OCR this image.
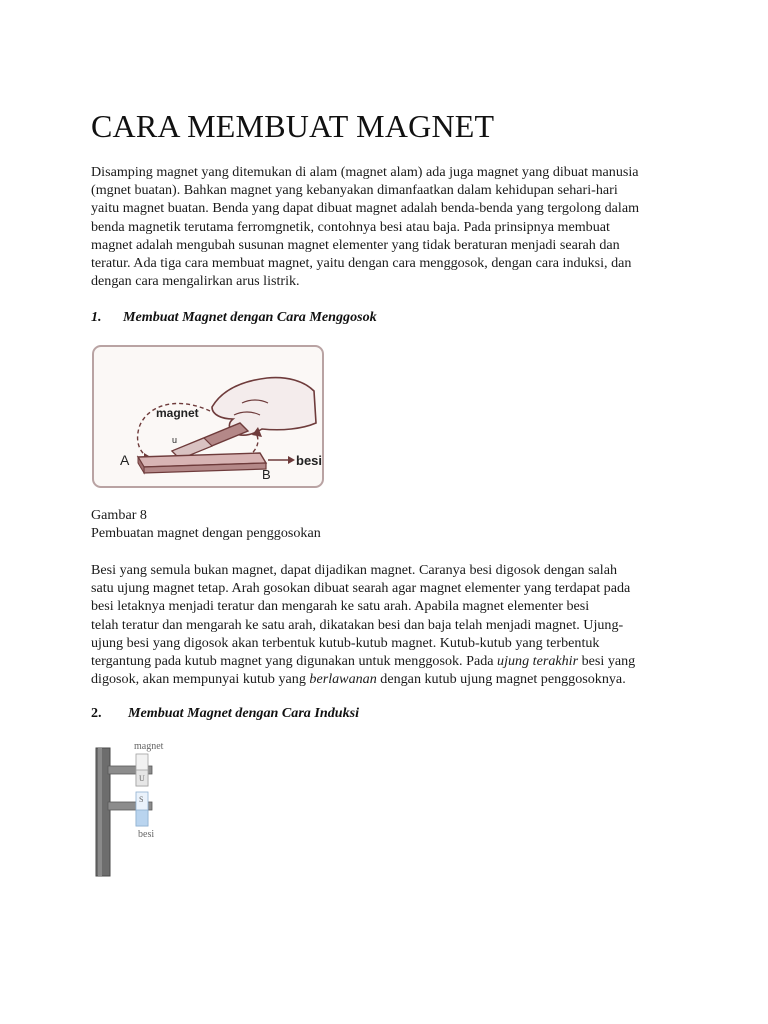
CARA MEMBUAT MAGNET

Disamping magnet yang ditemukan di alam (magnet alam) ada juga magnet yang dibuat manusia
(mgnet buatan). Bahkan magnet yang kebanyakan dimanfaatkan dalam kehidupan sehari-hari
yaitu magnet buatan. Benda yang dapat dibuat magnet adalah benda-benda yang tergolong dalam
benda magnetik terutama ferromgnetik, contohnya besi atau baja. Pada prinsipnya membuat
magnet adalah mengubah susunan magnet elementer yang tidak beraturan menjadi searah dan
teratur. Ada tiga cara membuat magnet, yaitu dengan cara menggosok, dengan cara induksi, dan
dengan cara mengalirkan arus listrik.

1. Membuat Magnet dengan Cara Menggosok
magnet
u
A
B
besi

Gambar 8
Pembuatan magnet dengan penggosokan

Besi yang semula bukan magnet, dapat dijadikan magnet. Caranya besi digosok dengan salah
satu ujung magnet tetap. Arah gosokan dibuat searah agar magnet elementer yang terdapat pada
besi letaknya menjadi teratur dan mengarah ke satu arah. Apabila magnet elementer besi
telah teratur dan mengarah ke satu arah, dikatakan besi dan baja telah menjadi magnet. Ujung-
ujung besi yang digosok akan terbentuk kutub-kutub magnet. Kutub-kutub yang terbentuk
tergantung pada kutub magnet yang digunakan untuk menggosok. Pada ujung terakhir besi yang
digosok, akan mempunyai kutub yang berlawanan dengan kutub ujung magnet penggosoknya.

2. Membuat Magnet dengan Cara Induksi
magnet
U
S
besi
